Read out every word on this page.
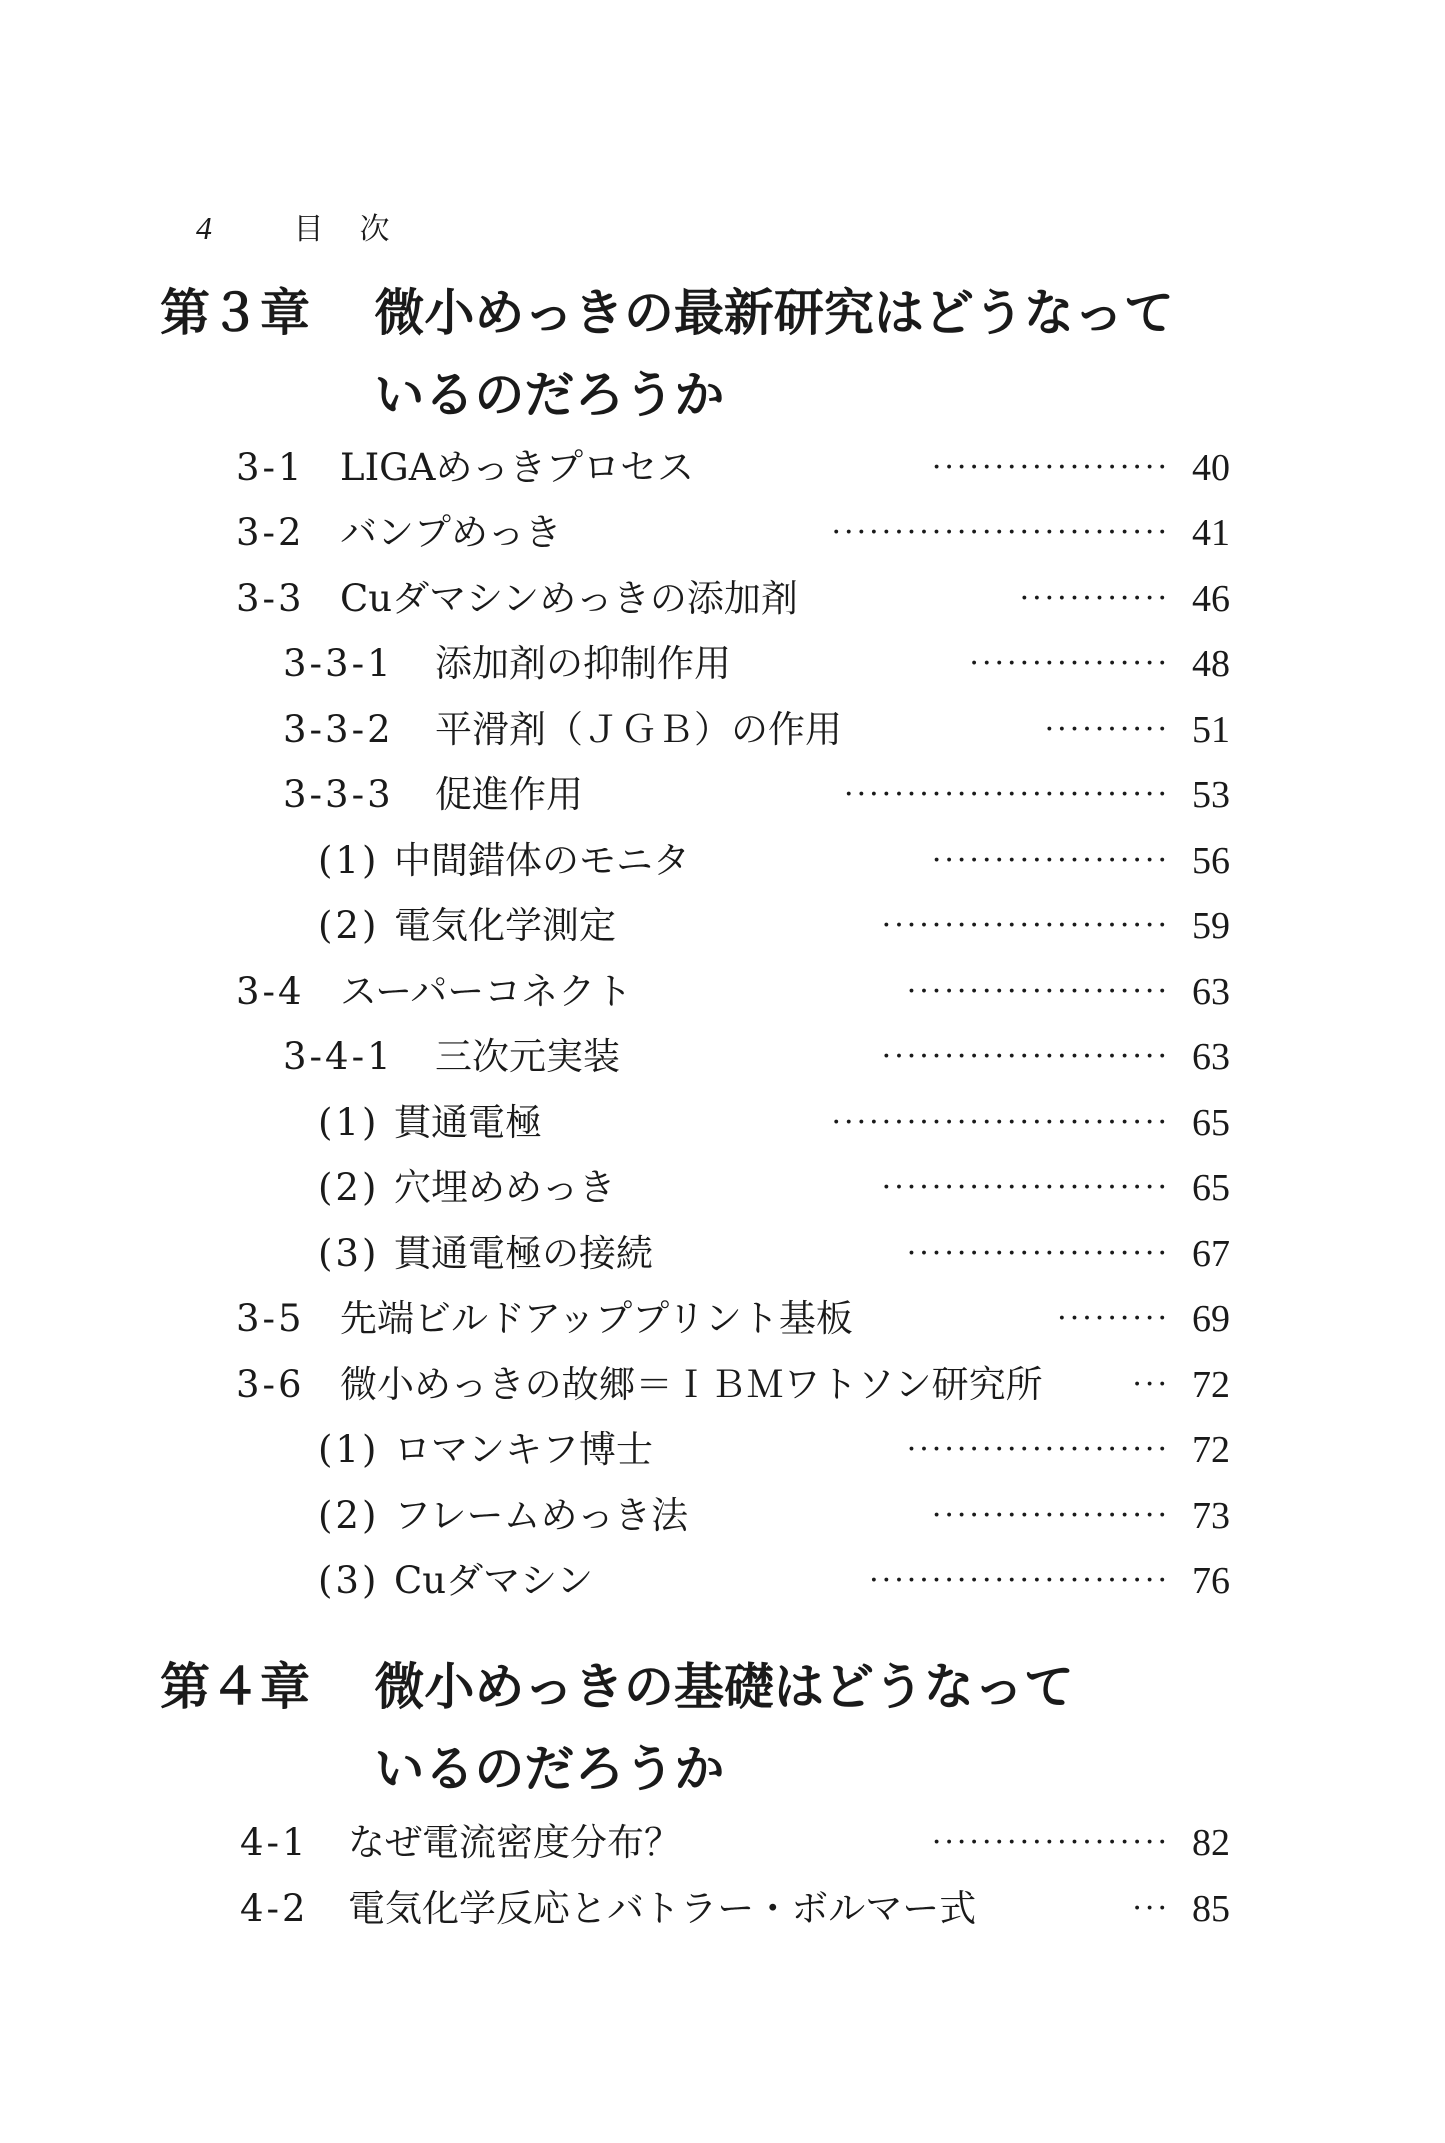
4	目 次
第３章 微小めっきの最新研究はどうなって
いるのだろうか
3-1 LIGAめっきプロセス	··················· 40
3-2 バンプめっき	··························· 41
3-3 Cuダマシンめっきの添加剤	············ 46
3-3-1 添加剤の抑制作用	················ 48
3-3-2 平滑剤（ＪＧＢ）の作用	·········· 51
3-3-3 促進作用	·························· 53
(1) 中間錯体のモニタ	··················· 56
(2) 電気化学測定	······················· 59
3-4 スーパーコネクト	····················· 63
3-4-1 三次元実装	······················· 63
(1) 貫通電極	··························· 65
(2) 穴埋めめっき	······················· 65
(3) 貫通電極の接続	····················· 67
3-5 先端ビルドアッププリント基板	········· 69
3-6 微小めっきの故郷＝ＩＢＭワトソン研究所	··· 72
(1) ロマンキフ博士	····················· 72
(2) フレームめっき法	··················· 73
(3) Cuダマシン	························ 76
第４章 微小めっきの基礎はどうなって
いるのだろうか
4-1 なぜ電流密度分布？	··················· 82
4-2 電気化学反応とバトラー・ボルマー式	··· 85
